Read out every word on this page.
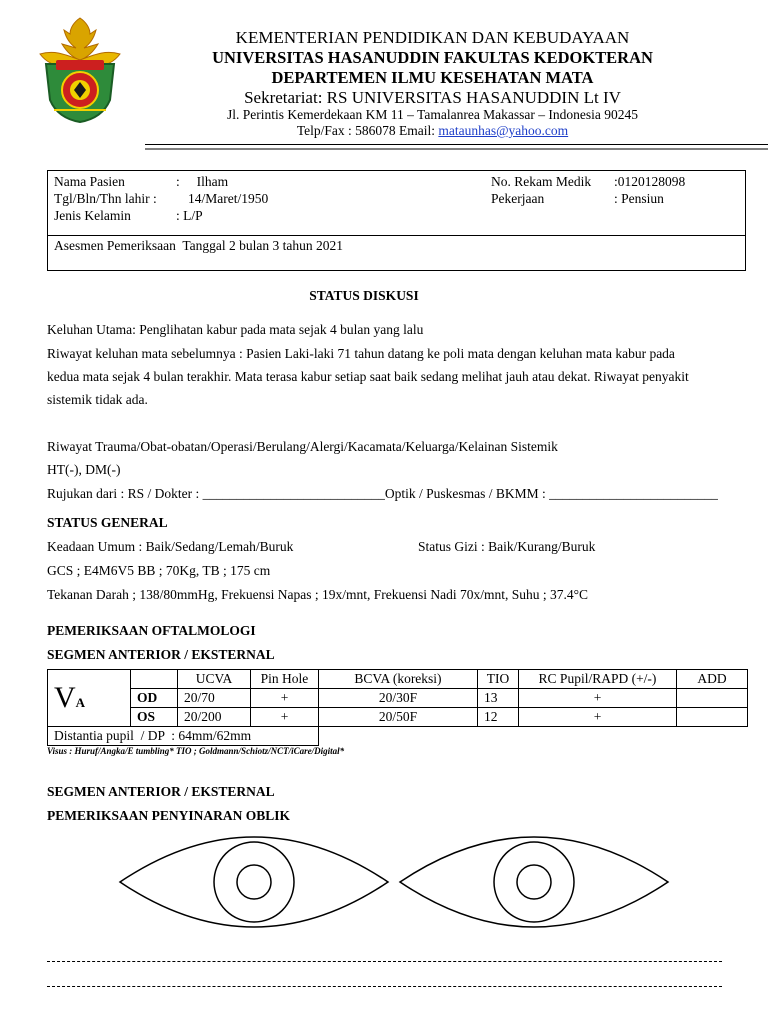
KEMENTERIAN PENDIDIKAN DAN KEBUDAYAAN
UNIVERSITAS HASANUDDIN FAKULTAS KEDOKTERAN
DEPARTEMEN ILMU KESEHATAN MATA
Sekretariat: RS UNIVERSITAS HASANUDDIN Lt IV
Jl. Perintis Kemerdekaan KM 11 – Tamalanrea Makassar – Indonesia 90245
Telp/Fax : 586078 Email: mataunhas@yahoo.com
Nama Pasien	:     Ilham
Tgl/Bln/Thn lahir : 14/Maret/1950
Jenis Kelamin	: L/P
No. Rekam Medik :0120128098
Pekerjaan	: Pensiun
Asesmen Pemeriksaan  Tanggal 2 bulan 3 tahun 2021
STATUS DISKUSI
Keluhan Utama: Penglihatan kabur pada mata sejak 4 bulan yang lalu
Riwayat keluhan mata sebelumnya : Pasien Laki-laki 71 tahun datang ke poli mata dengan keluhan mata kabur pada
kedua mata sejak 4 bulan terakhir. Mata terasa kabur setiap saat baik sedang melihat jauh atau dekat. Riwayat penyakit
sistemik tidak ada.
Riwayat Trauma/Obat-obatan/Operasi/Berulang/Alergi/Kacamata/Keluarga/Kelainan Sistemik
HT(-), DM(-)
Rujukan dari : RS / Dokter : ___________________________Optik / Puskesmas / BKMM : _________________________
STATUS GENERAL
Keadaan Umum : Baik/Sedang/Lemah/Buruk	Status Gizi : Baik/Kurang/Buruk
GCS ; E4M6V5 BB ; 70Kg, TB ; 175 cm
Tekanan Darah ; 138/80mmHg, Frekuensi Napas ; 19x/mnt, Frekuensi Nadi 70x/mnt, Suhu ; 37.4°C
PEMERIKSAAN OFTALMOLOGI
SEGMEN ANTERIOR / EKSTERNAL
VA		UCVA	Pin Hole	BCVA (koreksi)	TIO	RC Pupil/RAPD (+/-)	ADD
	OD	20/70	+	20/30F	13	+	
	OS	20/200	+	20/50F	12	+	
Distantia pupil  / DP  : 64mm/62mm							
Visus : Huruf/Angka/E tumbling* TIO ; Goldmann/Schiotz/NCT/iCare/Digital*
SEGMEN ANTERIOR / EKSTERNAL
PEMERIKSAAN PENYINARAN OBLIK
